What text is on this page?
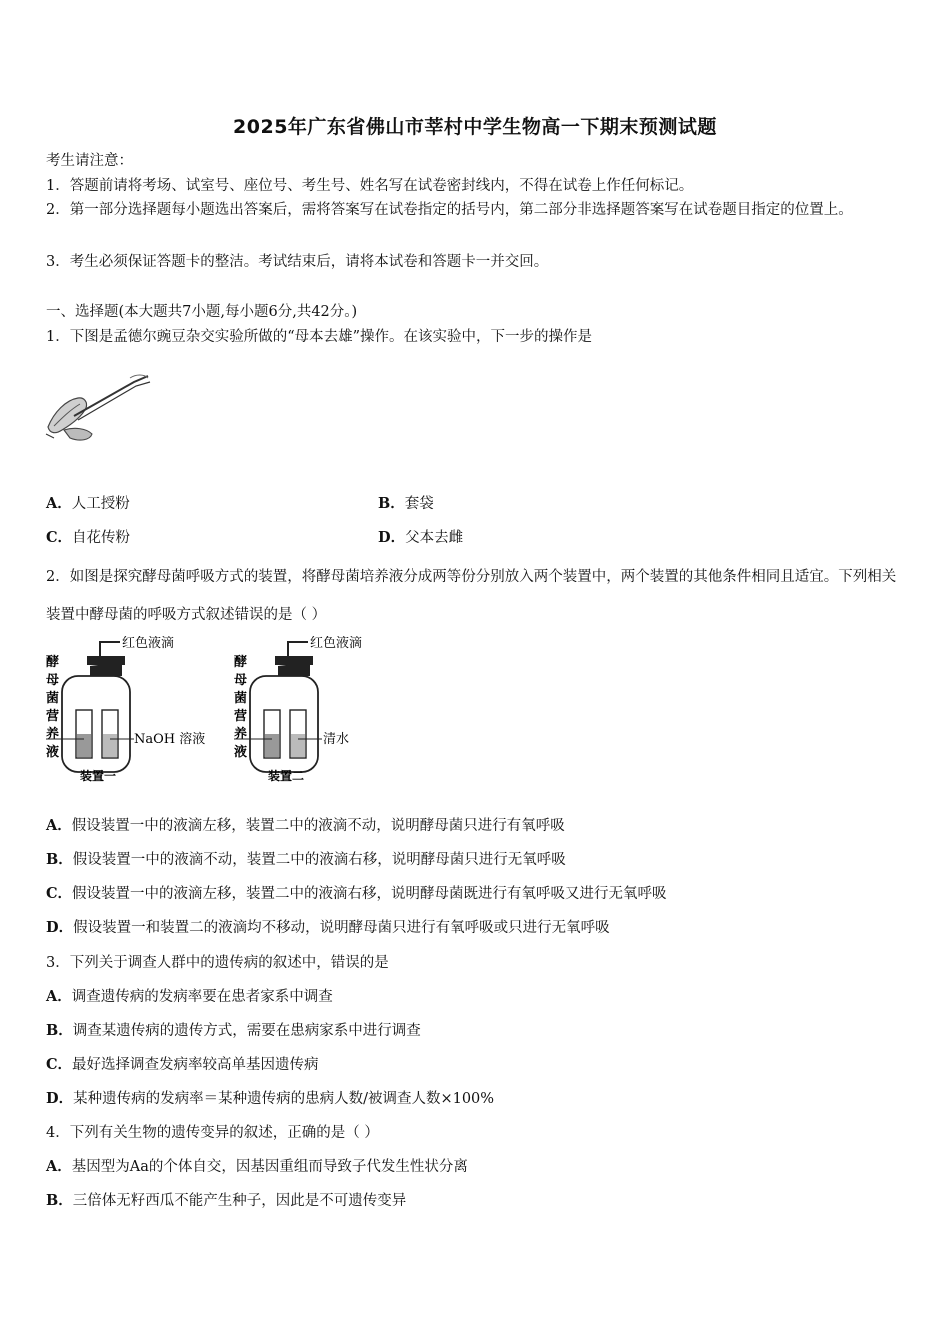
2025年广东省佛山市莘村中学生物高一下期末预测试题
考生请注意：
1．答题前请将考场、试室号、座位号、考生号、姓名写在试卷密封线内，不得在试卷上作任何标记。
2．第一部分选择题每小题选出答案后，需将答案写在试卷指定的括号内，第二部分非选择题答案写在试卷题目指定的位置上。
3．考生必须保证答题卡的整洁。考试结束后，请将本试卷和答题卡一并交回。
一、选择题(本大题共7小题,每小题6分,共42分。)
1．下图是孟德尔豌豆杂交实验所做的“母本去雄”操作。在该实验中，下一步的操作是
A．人工授粉	B．套袋
C．自花传粉	D．父本去雌
2．如图是探究酵母菌呼吸方式的装置，将酵母菌培养液分成两等份分别放入两个装置中，两个装置的其他条件相同且适宜。下列相关装置中酵母菌的呼吸方式叙述错误的是（ ）
酵 母 菌 营 养 液
红色液滴
NaOH 溶液
装置一
酵 母 菌 营 养 液
红色液滴
清水
装置二
A．假设装置一中的液滴左移，装置二中的液滴不动，说明酵母菌只进行有氧呼吸
B．假设装置一中的液滴不动，装置二中的液滴右移，说明酵母菌只进行无氧呼吸
C．假设装置一中的液滴左移，装置二中的液滴右移，说明酵母菌既进行有氧呼吸又进行无氧呼吸
D．假设装置一和装置二的液滴均不移动，说明酵母菌只进行有氧呼吸或只进行无氧呼吸
3．下列关于调查人群中的遗传病的叙述中，错误的是
A．调查遗传病的发病率要在患者家系中调查
B．调查某遗传病的遗传方式，需要在患病家系中进行调查
C．最好选择调查发病率较高单基因遗传病
D．某种遗传病的发病率＝某种遗传病的患病人数/被调查人数×100%
4．下列有关生物的遗传变异的叙述，正确的是（ ）
A．基因型为Aa的个体自交，因基因重组而导致子代发生性状分离
B．三倍体无籽西瓜不能产生种子，因此是不可遗传变异
